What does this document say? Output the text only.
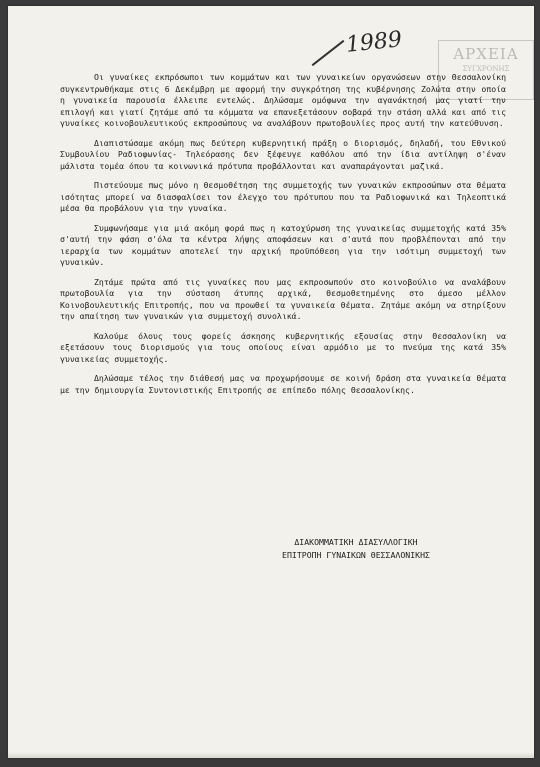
1989	ΑΡΧΕΙΑ
ΣΥΓΧΡΟΝΗΣ

Οι γυναίκες εκπρόσωποι των κομμάτων και των γυναικείων οργανώσεων στην Θεσσαλονίκη συγκεντρωθήκαμε στις 6 Δεκέμβρη με αφορμή την συγκρότηση της κυβέρνησης Ζολώτα στην οποία η γυναικεία παρουσία έλλειπε εντελώς. Δηλώσαμε ομόφωνα την αγανάκτησή μας γιατί την επιλογή και γιατί ζητάμε από τα κόμματα να επανεξετάσουν σοβαρά την στάση αλλά και από τις γυναίκες κοινοβουλευτικούς εκπροσώπους να αναλάβουν πρωτοβουλίες προς αυτή την κατεύθυνση.

Διαπιστώσαμε ακόμη πως δεύτερη κυβερνητική πράξη ο διορισμός, δηλαδή, του Εθνικού Συμβουλίου Ραδιοφωνίας- Τηλεόρασης δεν ξέφευγε καθόλου από την ίδια αντίληψη σ'έναν μάλιστα τομέα όπου τα κοινωνικά πρότυπα προβάλλονται και αναπαράγονται μαζικά.

Πιστεύουμε πως μόνο η θεσμοθέτηση της συμμετοχής των γυναικών εκπροσώπων στα θέματα ισότητας μπορεί να διασφαλίσει τον έλεγχο του πρότυπου που τα Ραδιοφωνικά και Τηλεοπτικά μέσα θα προβάλουν για την γυναίκα.

Συμφωνήσαμε για μιά ακόμη φορά πως η κατοχύρωση της γυναικείας συμμετοχής κατά 35% σ'αυτή την φάση σ'όλα τα κέντρα λήψης αποφάσεων και σ'αυτά που προβλέπονται από την ιεραρχία των κομμάτων αποτελεί την αρχική προϋπόθεση για την ισότιμη συμμετοχή των γυναικών.

Ζητάμε πρώτα από τις γυναίκες που μας εκπροσωπούν στο κοινοβούλιο να αναλάβουν πρωτοβουλία για την σύσταση άτυπης αρχικά, θεσμοθετημένης στο άμεσο μέλλον Κοινοβουλευτικής Επιτροπής, που να προωθεί τα γυναικεία θέματα. Ζητάμε ακόμη να στηρίξουν την απαίτηση των γυναικών για συμμετοχή συνολικά.

Καλούμε όλους τους φορείς άσκησης κυβερνητικής εξουσίας στην Θεσσαλονίκη να εξετάσουν τους διορισμούς για τους οποίους είναι αρμόδιο με το πνεύμα της κατά 35% γυναικείας συμμετοχής.

Δηλώσαμε τέλος την διάθεσή μας να προχωρήσουμε σε κοινή δράση στα γυναικεία θέματα με την δημιουργία Συντονιστικής Επιτροπής σε επίπεδο πόλης Θεσσαλονίκης.

ΔΙΑΚΟΜΜΑΤΙΚΗ ΔΙΑΣΥΛΛΟΓΙΚΗ
ΕΠΙΤΡΟΠΗ ΓΥΝΑΙΚΩΝ ΘΕΣΣΑΛΟΝΙΚΗΣ
